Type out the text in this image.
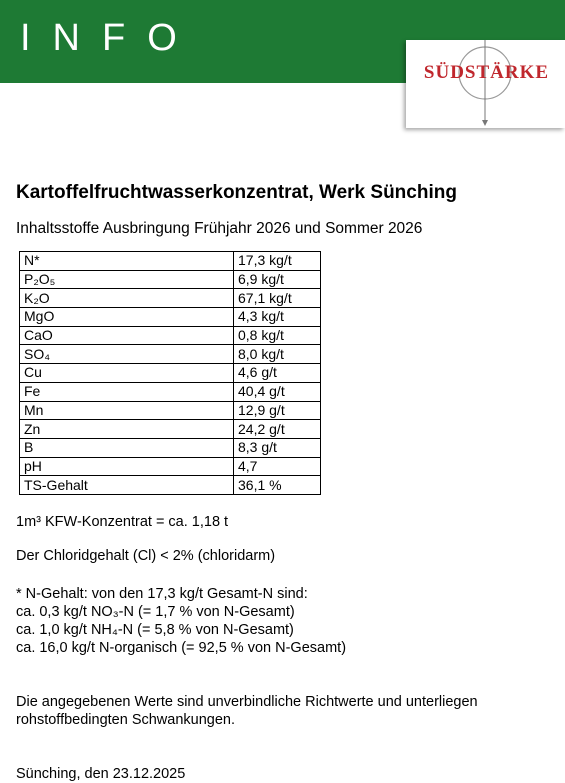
INFO
SÜDSTÄRKE
Kartoffelfruchtwasserkonzentrat, Werk Sünching
Inhaltsstoffe Ausbringung Frühjahr 2026 und Sommer 2026
N*	17,3 kg/t
P₂O₅	6,9 kg/t
K₂O	67,1 kg/t
MgO	4,3 kg/t
CaO	0,8 kg/t
SO₄	8,0 kg/t
Cu	4,6 g/t
Fe	40,4 g/t
Mn	12,9 g/t
Zn	24,2 g/t
B	8,3 g/t
pH	4,7
TS-Gehalt	36,1 %
1m³ KFW-Konzentrat = ca. 1,18 t
Der Chloridgehalt (Cl) < 2% (chloridarm)
* N-Gehalt: von den 17,3 kg/t Gesamt-N sind:
ca. 0,3 kg/t NO₃-N (= 1,7 % von N-Gesamt)
ca. 1,0 kg/t NH₄-N (= 5,8 % von N-Gesamt)
ca. 16,0 kg/t N-organisch (= 92,5 % von N-Gesamt)
Die angegebenen Werte sind unverbindliche Richtwerte und unterliegen
rohstoffbedingten Schwankungen.
Sünching, den 23.12.2025
